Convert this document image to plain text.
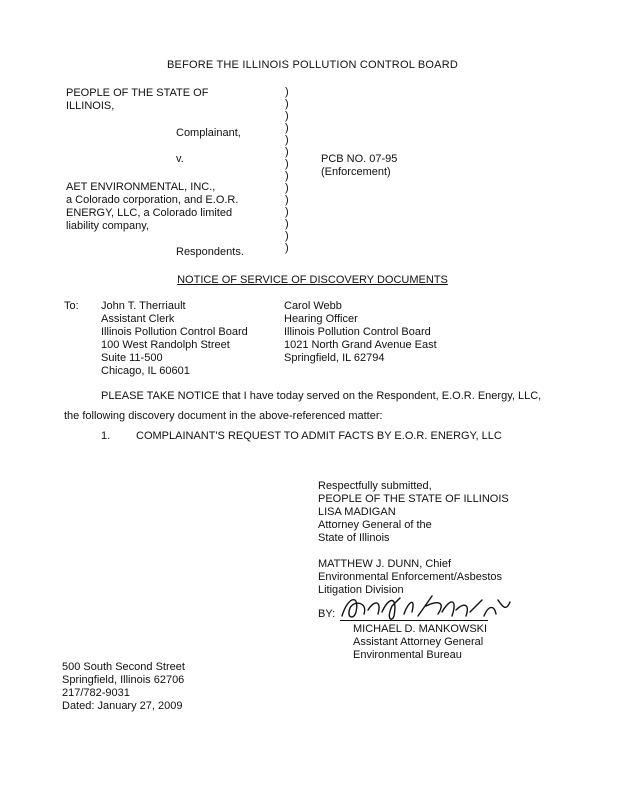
BEFORE THE ILLINOIS POLLUTION CONTROL BOARD
PEOPLE OF THE STATE OF
ILLINOIS,
Complainant,
v.	PCB NO. 07-95
(Enforcement)
AET ENVIRONMENTAL, INC.,
a Colorado corporation, and E.O.R.
ENERGY, LLC, a Colorado limited
liability company,
Respondents.
)
)
)
)
)
)
)
)
)
)
)
)
)
)
NOTICE OF SERVICE OF DISCOVERY DOCUMENTS
To: John T. Therriault
Assistant Clerk
Illinois Pollution Control Board
100 West Randolph Street
Suite 11-500
Chicago, IL 60601
Carol Webb
Hearing Officer
Illinois Pollution Control Board
1021 North Grand Avenue East
Springfield, IL 62794
PLEASE TAKE NOTICE that I have today served on the Respondent, E.O.R. Energy, LLC,
the following discovery document in the above-referenced matter:
1. COMPLAINANT'S REQUEST TO ADMIT FACTS BY E.O.R. ENERGY, LLC
Respectfully submitted,
PEOPLE OF THE STATE OF ILLINOIS
LISA MADIGAN
Attorney General of the
State of Illinois
MATTHEW J. DUNN, Chief
Environmental Enforcement/Asbestos
Litigation Division
BY:
MICHAEL D. MANKOWSKI
Assistant Attorney General
Environmental Bureau
500 South Second Street
Springfield, Illinois 62706
217/782-9031
Dated: January 27, 2009
